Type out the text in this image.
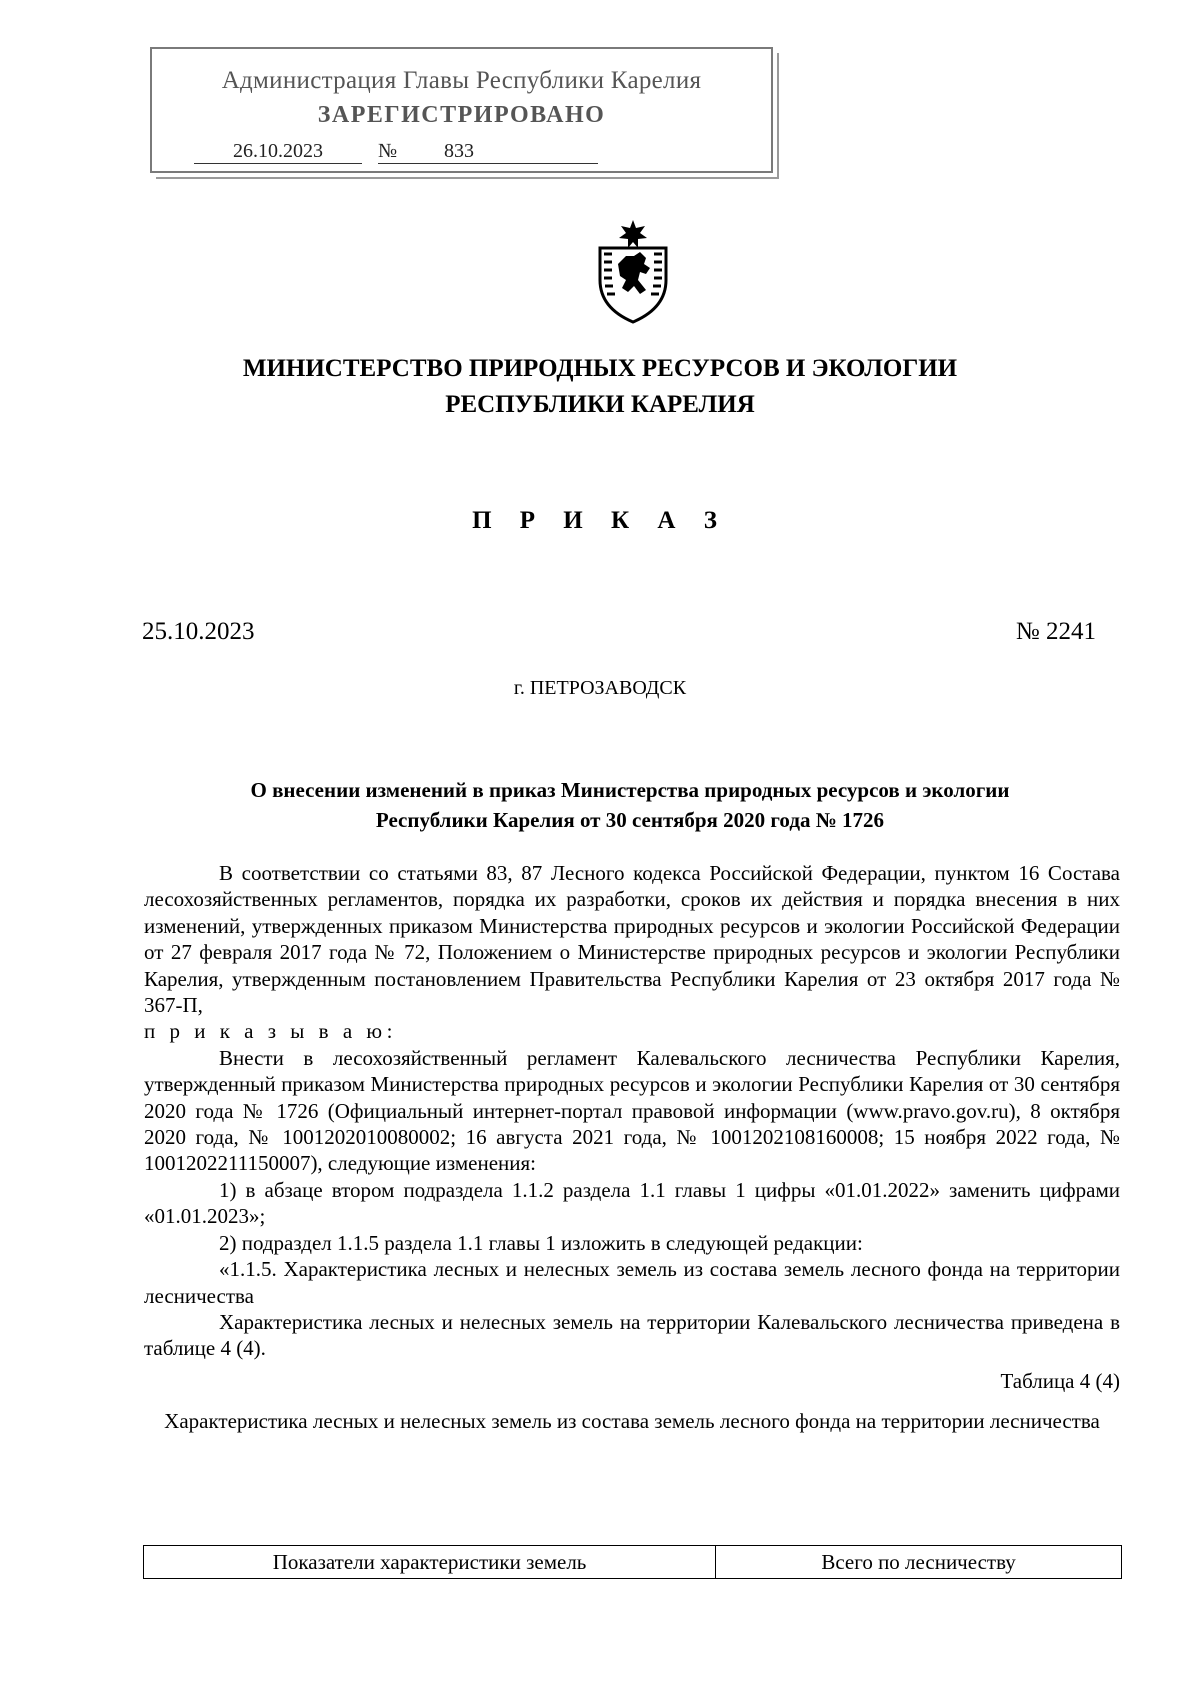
Администрация Главы Республики Карелия
ЗАРЕГИСТРИРОВАНО
26.10.2023	№	833
МИНИСТЕРСТВО ПРИРОДНЫХ РЕСУРСОВ И ЭКОЛОГИИ
РЕСПУБЛИКИ КАРЕЛИЯ
П Р И К А З
25.10.2023	№ 2241
г. ПЕТРОЗАВОДСК
О внесении изменений в приказ Министерства природных ресурсов и экологии
Республики Карелия от 30 сентября 2020 года № 1726

В соответствии со статьями 83, 87 Лесного кодекса Российской Федерации, пунктом 16 Состава лесохозяйственных регламентов, порядка их разработки, сроков их действия и порядка внесения в них изменений, утвержденных приказом Министерства природных ресурсов и экологии Российской Федерации от 27 февраля 2017 года № 72, Положением о Министерстве природных ресурсов и экологии Республики Карелия, утвержденным постановлением Правительства Республики Карелия от 23 октября 2017 года № 367-П,

п р и к а з ы в а ю:

Внести в лесохозяйственный регламент Калевальского лесничества Республики Карелия, утвержденный приказом Министерства природных ресурсов и экологии Республики Карелия от 30 сентября 2020 года № 1726 (Официальный интернет-портал правовой информации (www.pravo.gov.ru), 8 октября 2020 года, № 1001202010080002; 16 августа 2021 года, № 1001202108160008; 15 ноября 2022 года, № 1001202211150007), следующие изменения:

1) в абзаце втором подраздела 1.1.2 раздела 1.1 главы 1 цифры «01.01.2022» заменить цифрами «01.01.2023»;

2) подраздел 1.1.5 раздела 1.1 главы 1 изложить в следующей редакции:

«1.1.5. Характеристика лесных и нелесных земель из состава земель лесного фонда на территории лесничества

Характеристика лесных и нелесных земель на территории Калевальского лесничества приведена в таблице 4 (4).

Таблица 4 (4)

Характеристика лесных и нелесных земель из состава земель лесного фонда на территории лесничества

Показатели характеристики земель	Всего по лесничеству
